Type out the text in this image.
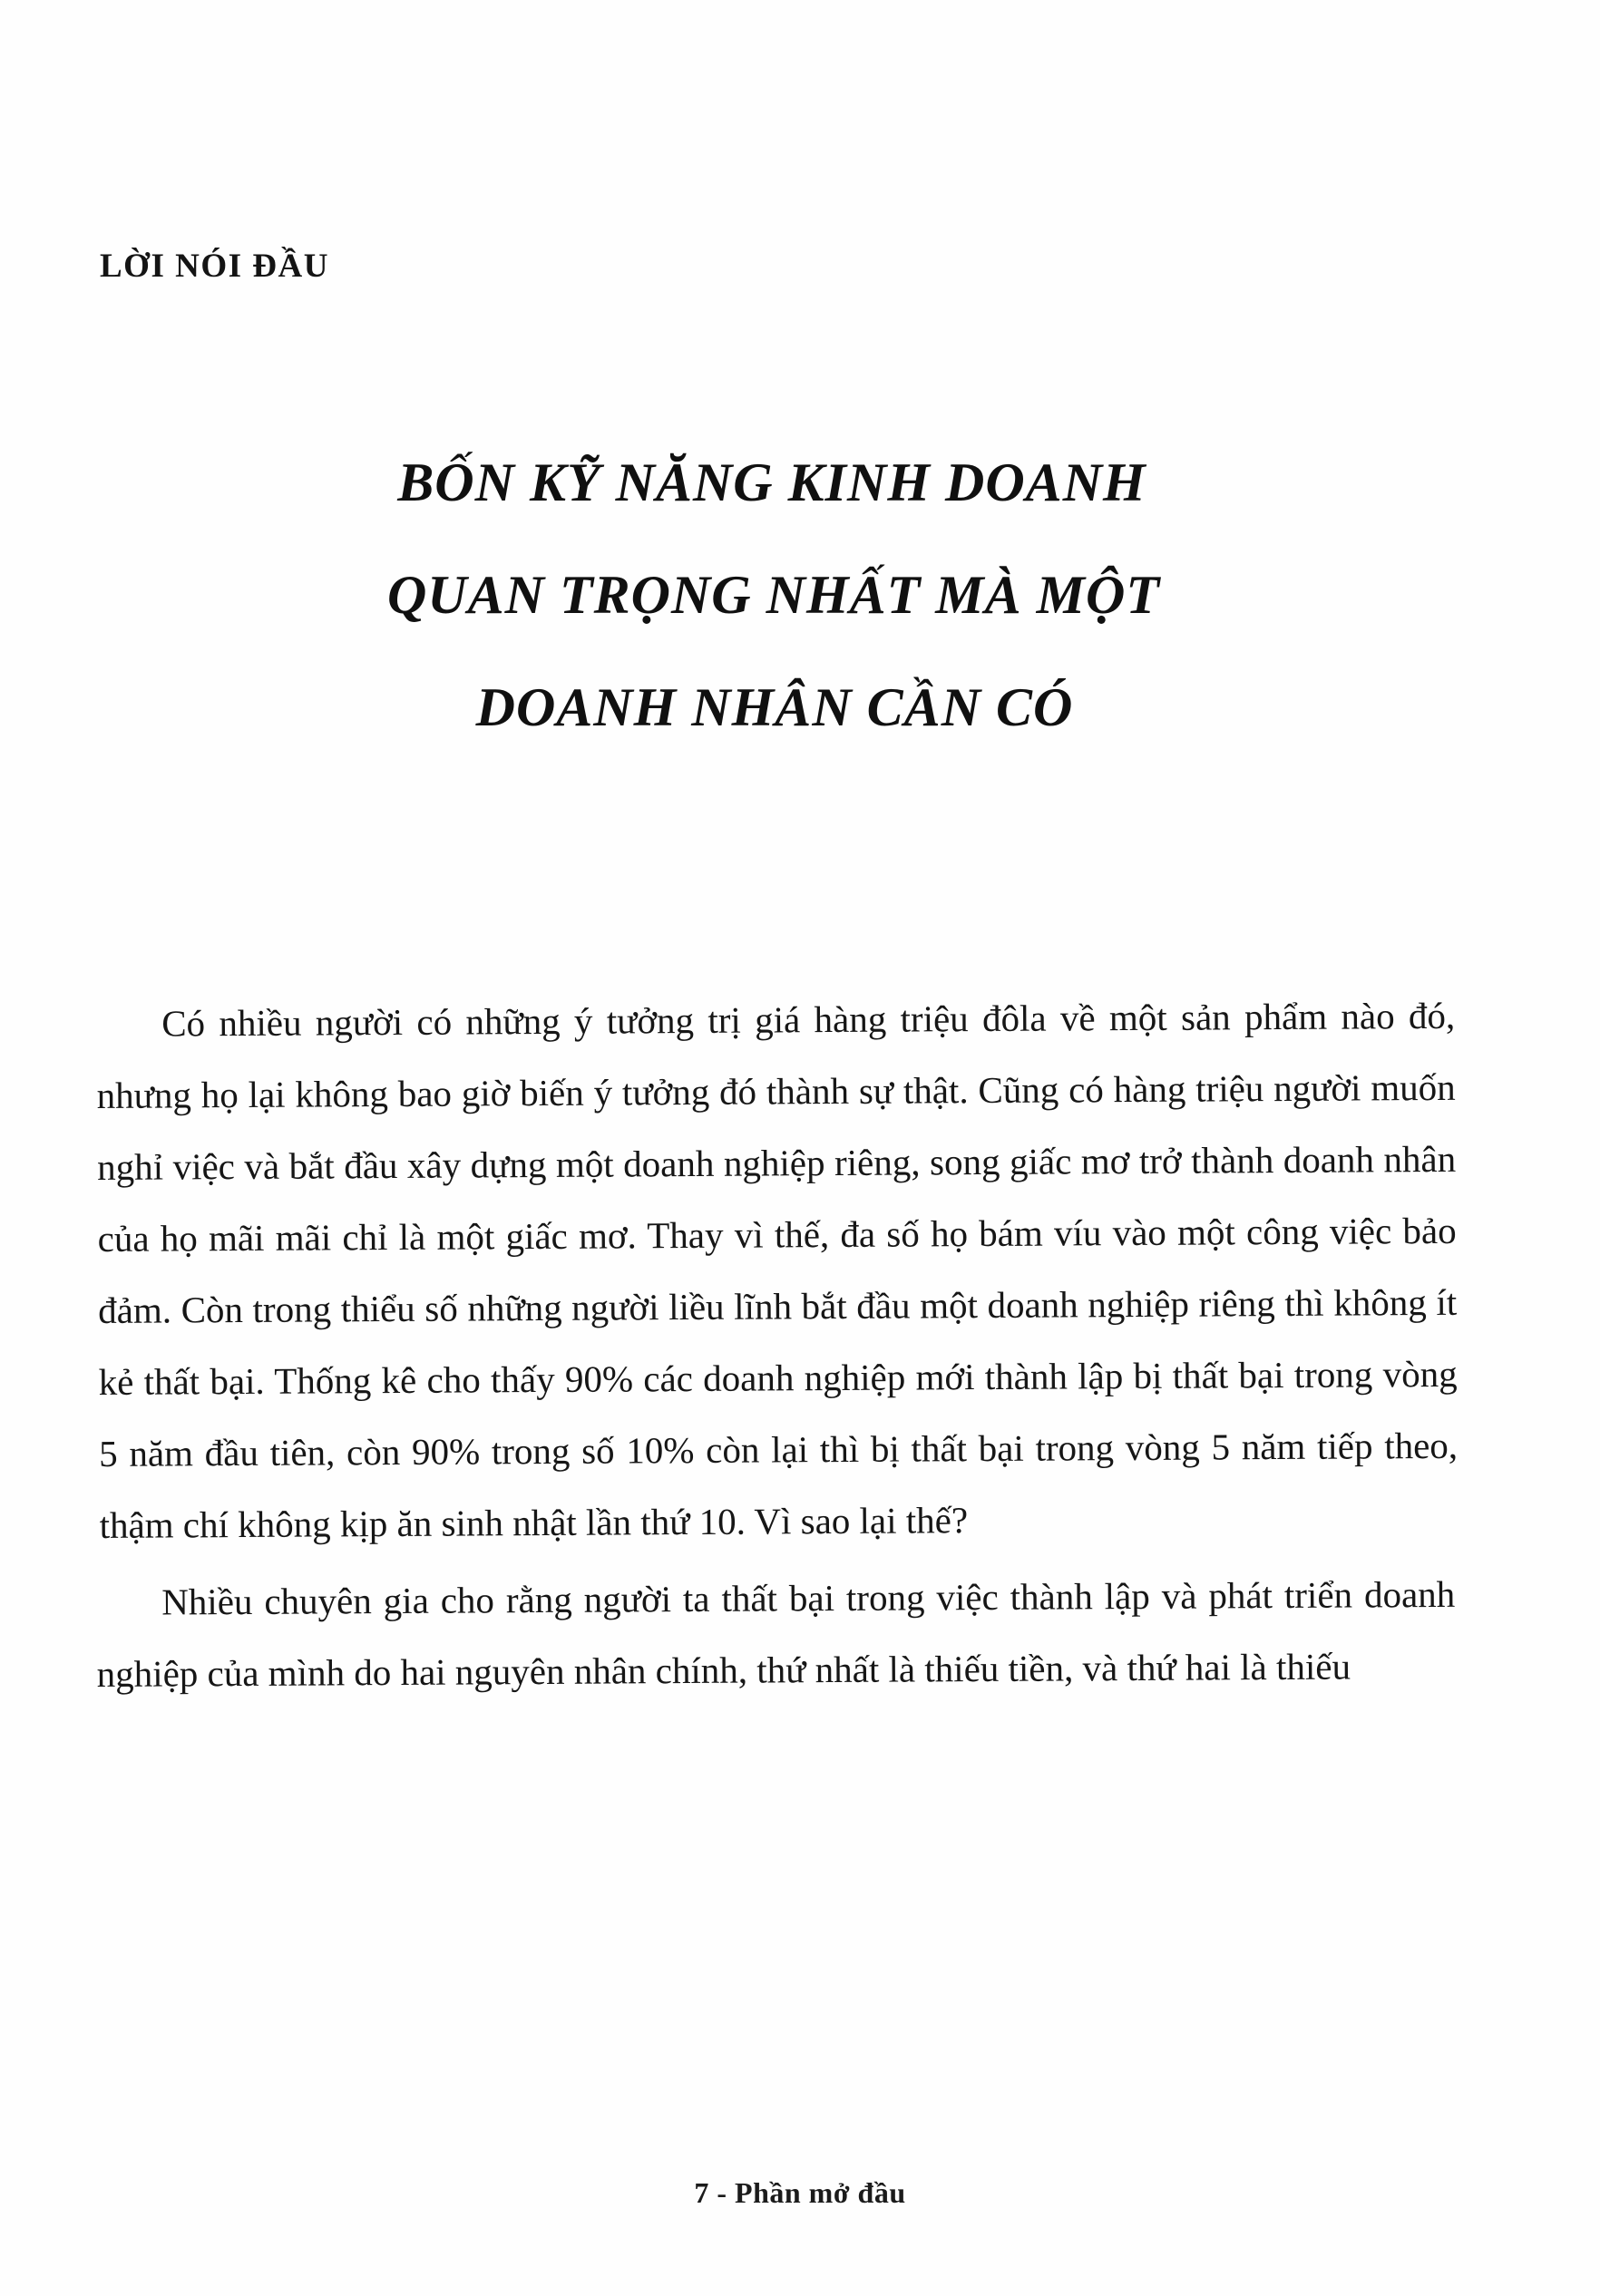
LỜI NÓI ĐẦU
BỐN KỸ NĂNG KINH DOANH
QUAN TRỌNG NHẤT MÀ MỘT
DOANH NHÂN CẦN CÓ

Có nhiều người có những ý tưởng trị giá hàng triệu đôla về một sản phẩm nào đó, nhưng họ lại không bao giờ biến ý tưởng đó thành sự thật. Cũng có hàng triệu người muốn nghỉ việc và bắt đầu xây dựng một doanh nghiệp riêng, song giấc mơ trở thành doanh nhân của họ mãi mãi chỉ là một giấc mơ. Thay vì thế, đa số họ bám víu vào một công việc bảo đảm. Còn trong thiểu số những người liều lĩnh bắt đầu một doanh nghiệp riêng thì không ít kẻ thất bại. Thống kê cho thấy 90% các doanh nghiệp mới thành lập bị thất bại trong vòng 5 năm đầu tiên, còn 90% trong số 10% còn lại thì bị thất bại trong vòng 5 năm tiếp theo, thậm chí không kịp ăn sinh nhật lần thứ 10. Vì sao lại thế?

Nhiều chuyên gia cho rằng người ta thất bại trong việc thành lập và phát triển doanh nghiệp của mình do hai nguyên nhân chính, thứ nhất là thiếu tiền, và thứ hai là thiếu

7 - Phần mở đầu
